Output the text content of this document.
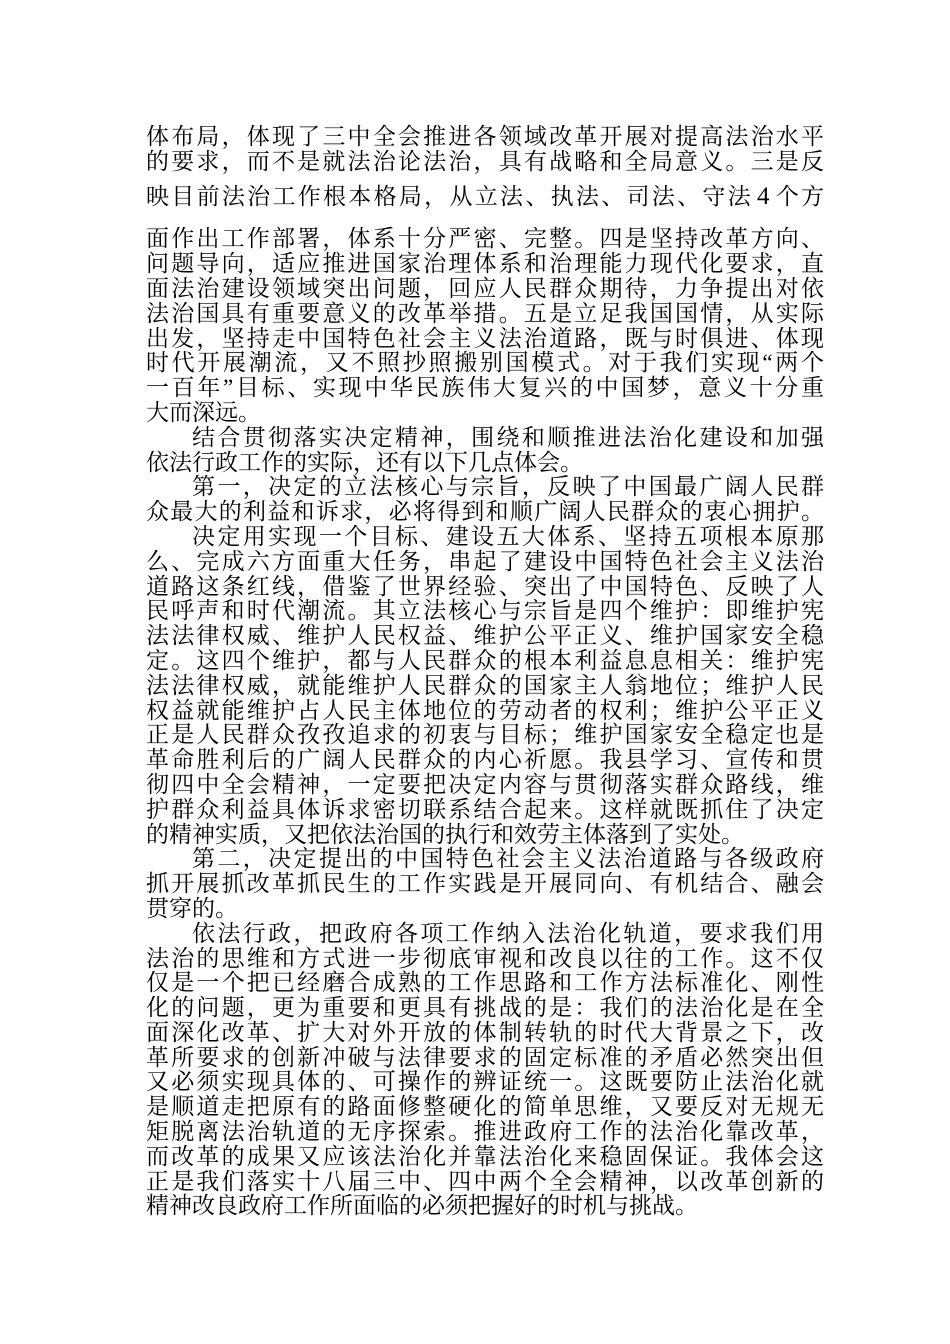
体布局，体现了三中全会推进各领域改革开展对提高法治水平
的要求，而不是就法治论法治，具有战略和全局意义。三是反
映目前法治工作根本格局，从立法、执法、司法、守法 4 个方
面作出工作部署，体系十分严密、完整。四是坚持改革方向、
问题导向，适应推进国家治理体系和治理能力现代化要求，直
面法治建设领域突出问题，回应人民群众期待，力争提出对依
法治国具有重要意义的改革举措。五是立足我国国情，从实际
出发，坚持走中国特色社会主义法治道路，既与时俱进、体现
时代开展潮流，又不照抄照搬别国模式。对于我们实现“两个
一百年”目标、实现中华民族伟大复兴的中国梦，意义十分重
大而深远。
结合贯彻落实决定精神，围绕和顺推进法治化建设和加强
依法行政工作的实际，还有以下几点体会。
第一，决定的立法核心与宗旨，反映了中国最广阔人民群
众最大的利益和诉求，必将得到和顺广阔人民群众的衷心拥护。
决定用实现一个目标、建设五大体系、坚持五项根本原那
么、完成六方面重大任务，串起了建设中国特色社会主义法治
道路这条红线，借鉴了世界经验、突出了中国特色、反映了人
民呼声和时代潮流。其立法核心与宗旨是四个维护：即维护宪
法法律权威、维护人民权益、维护公平正义、维护国家安全稳
定。这四个维护，都与人民群众的根本利益息息相关：维护宪
法法律权威，就能维护人民群众的国家主人翁地位；维护人民
权益就能维护占人民主体地位的劳动者的权利；维护公平正义
正是人民群众孜孜追求的初衷与目标；维护国家安全稳定也是
革命胜利后的广阔人民群众的内心祈愿。我县学习、宣传和贯
彻四中全会精神，一定要把决定内容与贯彻落实群众路线，维
护群众利益具体诉求密切联系结合起来。这样就既抓住了决定
的精神实质，又把依法治国的执行和效劳主体落到了实处。
第二，决定提出的中国特色社会主义法治道路与各级政府
抓开展抓改革抓民生的工作实践是开展同向、有机结合、融会
贯穿的。
依法行政，把政府各项工作纳入法治化轨道，要求我们用
法治的思维和方式进一步彻底审视和改良以往的工作。这不仅
仅是一个把已经磨合成熟的工作思路和工作方法标准化、刚性
化的问题，更为重要和更具有挑战的是：我们的法治化是在全
面深化改革、扩大对外开放的体制转轨的时代大背景之下，改
革所要求的创新冲破与法律要求的固定标准的矛盾必然突出但
又必须实现具体的、可操作的辨证统一。这既要防止法治化就
是顺道走把原有的路面修整硬化的简单思维，又要反对无规无
矩脱离法治轨道的无序探索。推进政府工作的法治化靠改革，
而改革的成果又应该法治化并靠法治化来稳固保证。我体会这
正是我们落实十八届三中、四中两个全会精神，以改革创新的
精神改良政府工作所面临的必须把握好的时机与挑战。
